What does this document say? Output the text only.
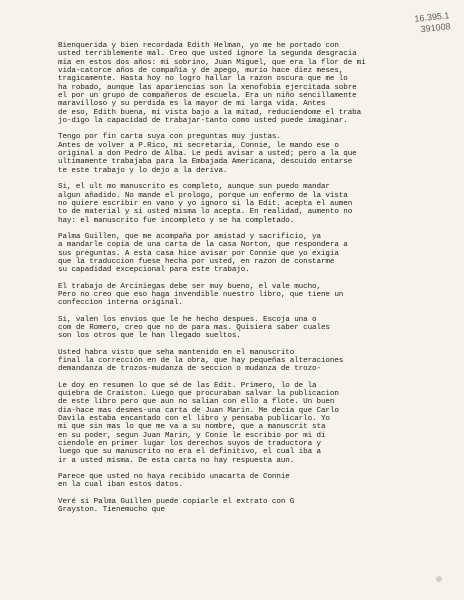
16.395.1
391008

Bienquerida y bien recordada Edith Helman, yo me he portado con
usted terriblemente mal. Creo que usted ignore la segunda desgracia
mia en estos dos años: mi sobrino, Juan Miguel, que era la flor de mi
vida-catorce años de compañía y de apego, murio hace diez meses,
tragicamente. Hasta hoy no logro hallar la razon oscura que me lo
ha robado, aunque las apariencias son la xenofobia ejercitada sobre
el por un grupo de compañeros de escuela. Era un niño sencillamente
maravilloso y su perdida es la mayor de mi larga vida. Antes
de eso, Edith buena, mi vista bajo a la mitad, reduciendome el traba
jo-digo la capacidad de trabajar-tanto como usted puede imaginar.

Tengo por fin carta suya con preguntas muy justas.
Antes de volver a P.Rico, mi secretaria, Connie, le mando ese o
original a don Pedro de Alba. Le pedi avisar a usted; pero a la que
ultimamente trabajaba para la Embajada Americana, descuido entarse
te este trabajo y lo dejo a la deriva.

Si, el ult mo manuscrito es completo, aunque sun puedo mandar
algun añadido. No mande el prologo, porque un enfermo de la vista
no quiere escribir en vano y yo ignoro si la Edit. acepta el aumen
to de material y si usted misma lo acepta. En realidad, aumento no
hay: el manuscrito fue incompleto y se ha completado.

Palma Guillen, que me acompaña por amistad y sacrificio, ya
a mandarle copia de una carta de la casa Norton, que respondera a
sus preguntas. A esta casa hice avisar por Connie que yo exigia
que la traduccion fuese hecha por usted, en razon de constarme
su capadidad excepcional para este trabajo.

El trabajo de Arciniegas debe ser muy bueno, el vale mucho,
Pero no creo que eso haga invendible nuestro libro, que tiene un
confeccion interna original.

Si, valen los envios que le he hecho despues. Escoja una o
com de Romero, creo que no de para mas. Quisiera saber cuales
son los otros que le han llegado sueltos.

Usted habra visto que seha mantenido en el manuscrito
final la corrección en de la obra, que hay pequeñas alteraciones
demandanza de trozos-mudanza de seccion o mudanza de trozo-

Le doy en resumen lo que sé de las Edit. Primero, lo de la
quiebra de Craiston. Luego que procuraban salvar la publicacion
de este libro pero que aun no salian con ello a flote. Un buen
dia-hace mas desmes-una carta de Juan Marin. Me decia que Carlo
Davila estaba encantado con el libro y pensaba publicarlo. Yo
mi que sin mas lo que me va a su nombre, que a manuscrit sta
en su poder, segun Juan Marin, y Conie le escribio por mi di
ciendole en primer lugar los derechos suyos de traductora y
luego que su manuscrito no era el definitivo, el cual iba a
ir a usted misma. De esta carta no hay respuesta aun.

Parece que usted no haya recibido unacarta de Connie
en la cual iban estos datos.

Veré si Palma Guillen puede copiarle el extrato con G
Grayston. Tienemucho que
